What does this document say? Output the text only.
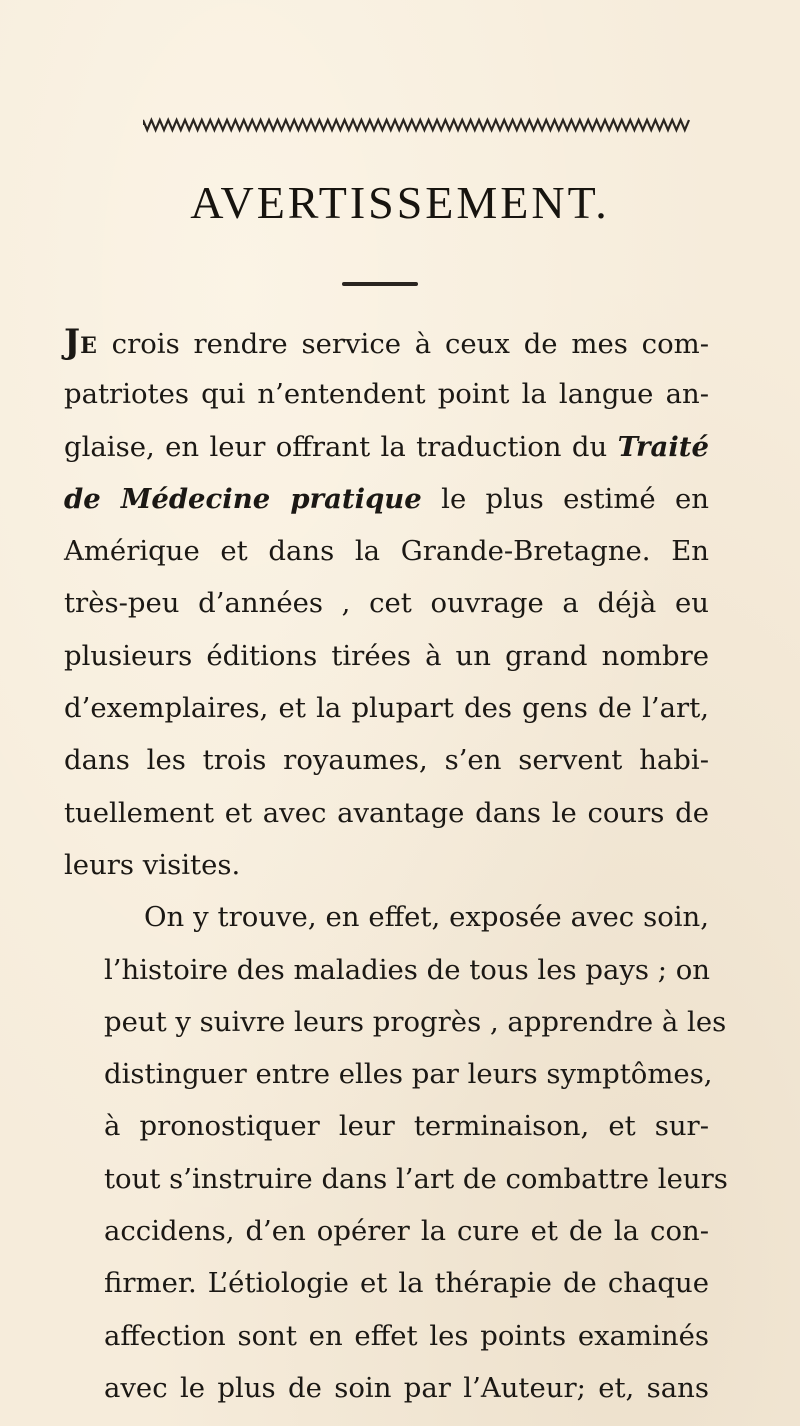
AVERTISSEMENT.

JE crois rendre service à ceux de mes com-
patriotes qui n’entendent point la langue an-
glaise, en leur offrant la traduction du Traité
de Médecine pratique le plus estimé en
Amérique et dans la Grande-Bretagne. En
très-peu d’années , cet ouvrage a déjà eu
plusieurs éditions tirées à un grand nombre
d’exemplaires, et la plupart des gens de l’art,
dans les trois royaumes, s’en servent habi-
tuellement et avec avantage dans le cours de
leurs visites.

On y trouve, en effet, exposée avec soin,
l’histoire des maladies de tous les pays ; on
peut y suivre leurs progrès , apprendre à les
distinguer entre elles par leurs symptômes,
à pronostiquer leur terminaison, et sur-
tout s’instruire dans l’art de combattre leurs
accidens, d’en opérer la cure et de la con-
firmer. L’étiologie et la thérapie de chaque
affection sont en effet les points examinés
avec le plus de soin par l’Auteur; et, sans
